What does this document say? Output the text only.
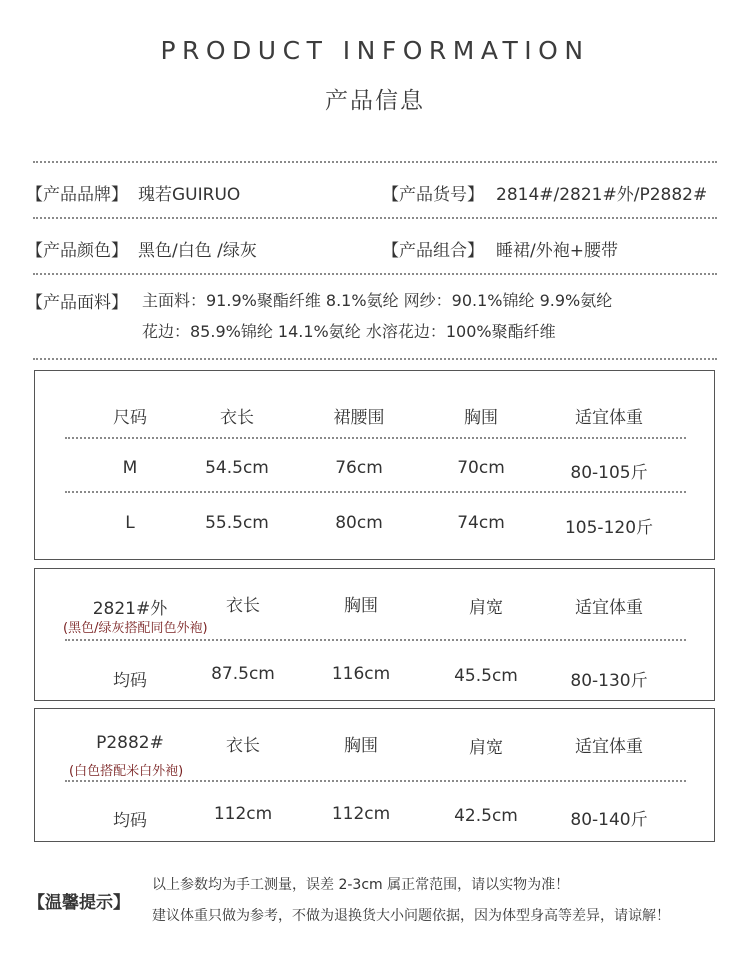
PRODUCT INFORMATION
产品信息
【产品品牌】 瑰若GUIRUO	【产品货号】 2814#/2821#外/P2882#
【产品颜色】 黑色/白色 /绿灰	【产品组合】 睡裙/外袍+腰带
【产品面料】 主面料：91.9%聚酯纤维 8.1%氨纶 网纱：90.1%锦纶 9.9%氨纶
花边：85.9%锦纶 14.1%氨纶 水溶花边：100%聚酯纤维
尺码	衣长	裙腰围	胸围	适宜体重
M	54.5cm	76cm	70cm	80-105斤
L	55.5cm	80cm	74cm	105-120斤
2821#外
(黑色/绿灰搭配同色外袍)
衣长	胸围	肩宽	适宜体重
均码	87.5cm	116cm	45.5cm	80-130斤
P2882#
(白色搭配米白外袍)
衣长	胸围	肩宽	适宜体重
均码	112cm	112cm	42.5cm	80-140斤
【温馨提示】
以上参数均为手工测量，误差 2-3cm 属正常范围，请以实物为准！
建议体重只做为参考，不做为退换货大小问题依据，因为体型身高等差异，请谅解！
